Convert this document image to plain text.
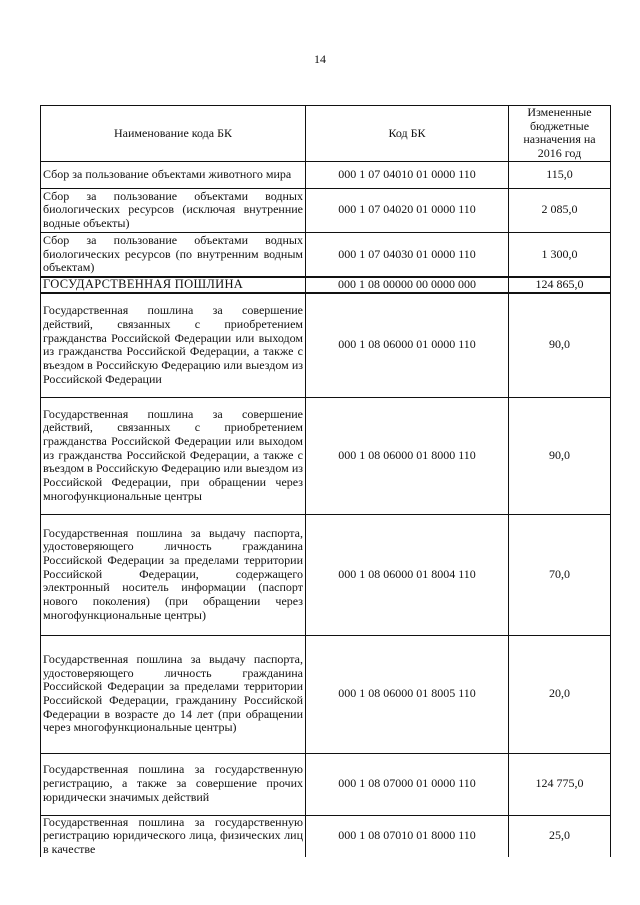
14
Наименование кода БК	Код БК	Измененные бюджетные назначения на 2016 год
Сбор за пользование объектами животного мира	000 1 07 04010 01 0000 110	115,0
Сбор за пользование объектами водных биологических ресурсов (исключая внутренние водные объекты)	000 1 07 04020 01 0000 110	2 085,0
Сбор за пользование объектами водных биологических ресурсов (по внутренним водным объектам)	000 1 07 04030 01 0000 110	1 300,0
ГОСУДАРСТВЕННАЯ ПОШЛИНА	000 1 08 00000 00 0000 000	124 865,0
Государственная пошлина за совершение действий, связанных с приобретением гражданства Российской Федерации или выходом из гражданства Российской Федерации, а также с въездом в Российскую Федерацию или выездом из Российской Федерации	000 1 08 06000 01 0000 110	90,0
Государственная пошлина за совершение действий, связанных с приобретением гражданства Российской Федерации или выходом из гражданства Российской Федерации, а также с въездом в Российскую Федерацию или выездом из Российской Федерации, при обращении через многофункциональные центры	000 1 08 06000 01 8000 110	90,0
Государственная пошлина за выдачу паспорта, удостоверяющего личность гражданина Российской Федерации за пределами территории Российской Федерации, содержащего электронный носитель информации (паспорт нового поколения) (при обращении через многофункциональные центры)	000 1 08 06000 01 8004 110	70,0
Государственная пошлина за выдачу паспорта, удостоверяющего личность гражданина Российской Федерации за пределами территории Российской Федерации, гражданину Российской Федерации в возрасте до 14 лет (при обращении через многофункциональные центры)	000 1 08 06000 01 8005 110	20,0
Государственная пошлина за государственную регистрацию, а также за совершение прочих юридически значимых действий	000 1 08 07000 01 0000 110	124 775,0
Государственная пошлина за государственную регистрацию юридического лица, физических лиц в качестве	000 1 08 07010 01 8000 110	25,0
